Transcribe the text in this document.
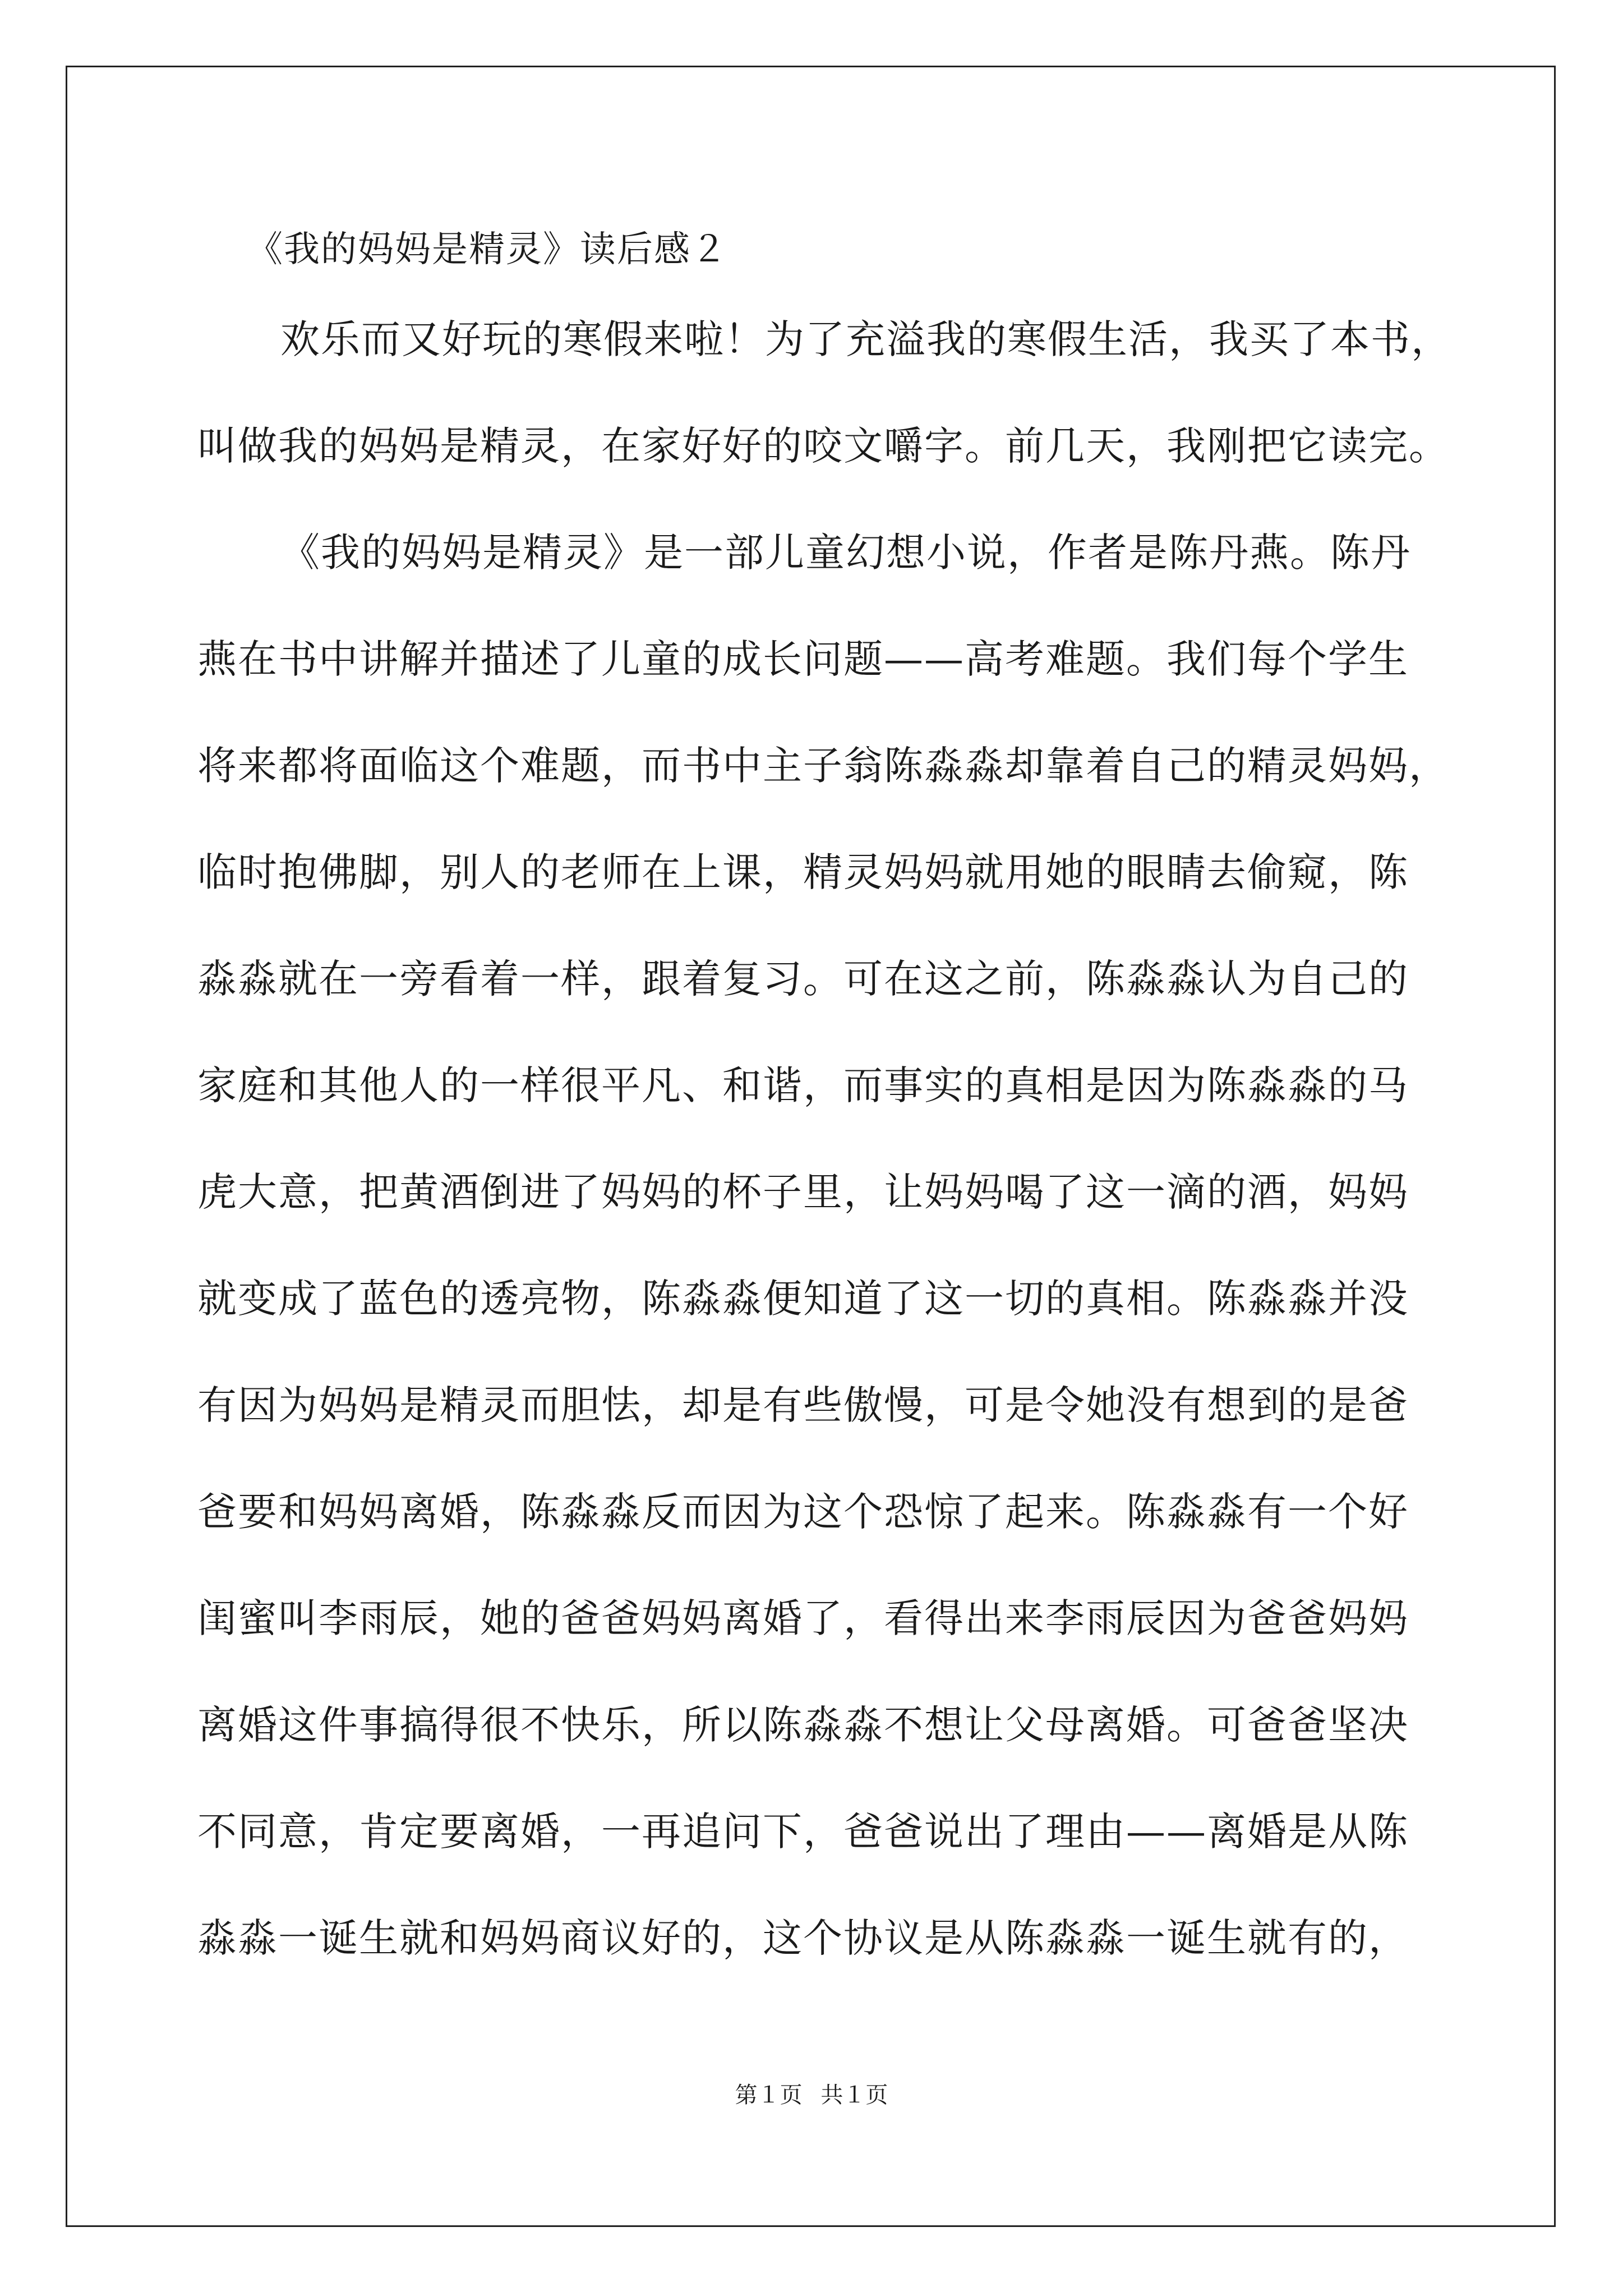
《我的妈妈是精灵》读后感２
欢乐而又好玩的寒假来啦！为了充溢我的寒假生活，我买了本书，
叫做我的妈妈是精灵，在家好好的咬文嚼字。前几天，我刚把它读完。
《我的妈妈是精灵》是一部儿童幻想小说，作者是陈丹燕。陈丹
燕在书中讲解并描述了儿童的成长问题——高考难题。我们每个学生
将来都将面临这个难题，而书中主子翁陈淼淼却靠着自己的精灵妈妈，
临时抱佛脚，别人的老师在上课，精灵妈妈就用她的眼睛去偷窥，陈
淼淼就在一旁看着一样，跟着复习。可在这之前，陈淼淼认为自己的
家庭和其他人的一样很平凡、和谐，而事实的真相是因为陈淼淼的马
虎大意，把黄酒倒进了妈妈的杯子里，让妈妈喝了这一滴的酒，妈妈
就变成了蓝色的透亮物，陈淼淼便知道了这一切的真相。陈淼淼并没
有因为妈妈是精灵而胆怯，却是有些傲慢，可是令她没有想到的是爸
爸要和妈妈离婚，陈淼淼反而因为这个恐惊了起来。陈淼淼有一个好
闺蜜叫李雨辰，她的爸爸妈妈离婚了，看得出来李雨辰因为爸爸妈妈
离婚这件事搞得很不快乐，所以陈淼淼不想让父母离婚。可爸爸坚决
不同意，肯定要离婚，一再追问下，爸爸说出了理由——离婚是从陈
淼淼一诞生就和妈妈商议好的，这个协议是从陈淼淼一诞生就有的，
第１页 共１页
